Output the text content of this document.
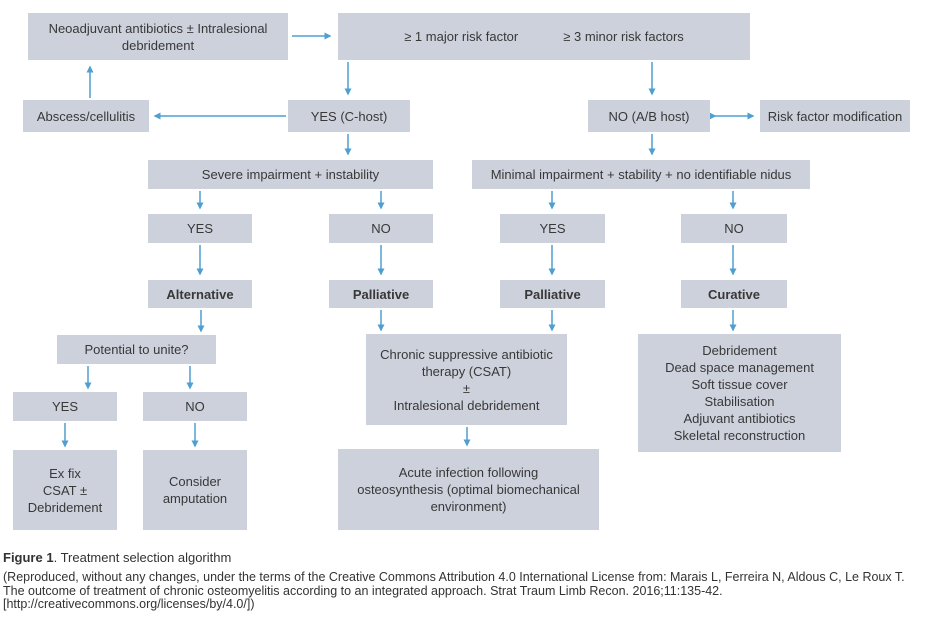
Neoadjuvant antibiotics ± Intralesional
debridement
≥ 1 major risk factor	≥ 3 minor risk factors
Abscess/cellulitis	YES (C-host)	NO (A/B host)	Risk factor modification
Severe impairment + instability	Minimal impairment + stability + no identifiable nidus
YES	NO	YES	NO
Alternative	Palliative	Palliative	Curative
Potential to unite?	Chronic suppressive antibiotic
therapy (CSAT)
±
Intralesional debridement
Debridement
Dead space management
Soft tissue cover
Stabilisation
Adjuvant antibiotics
Skeletal reconstruction
YES	NO
Ex fix
CSAT ±
Debridement
Consider
amputation
Acute infection following
osteosynthesis (optimal biomechanical
environment)
Figure 1. Treatment selection algorithm
(Reproduced, without any changes, under the terms of the Creative Commons Attribution 4.0 International License from: Marais L, Ferreira N, Aldous C, Le Roux T. The outcome of treatment of chronic osteomyelitis according to an integrated approach. Strat Traum Limb Recon. 2016;11:135-42. [http://creativecommons.org/licenses/by/4.0/])
